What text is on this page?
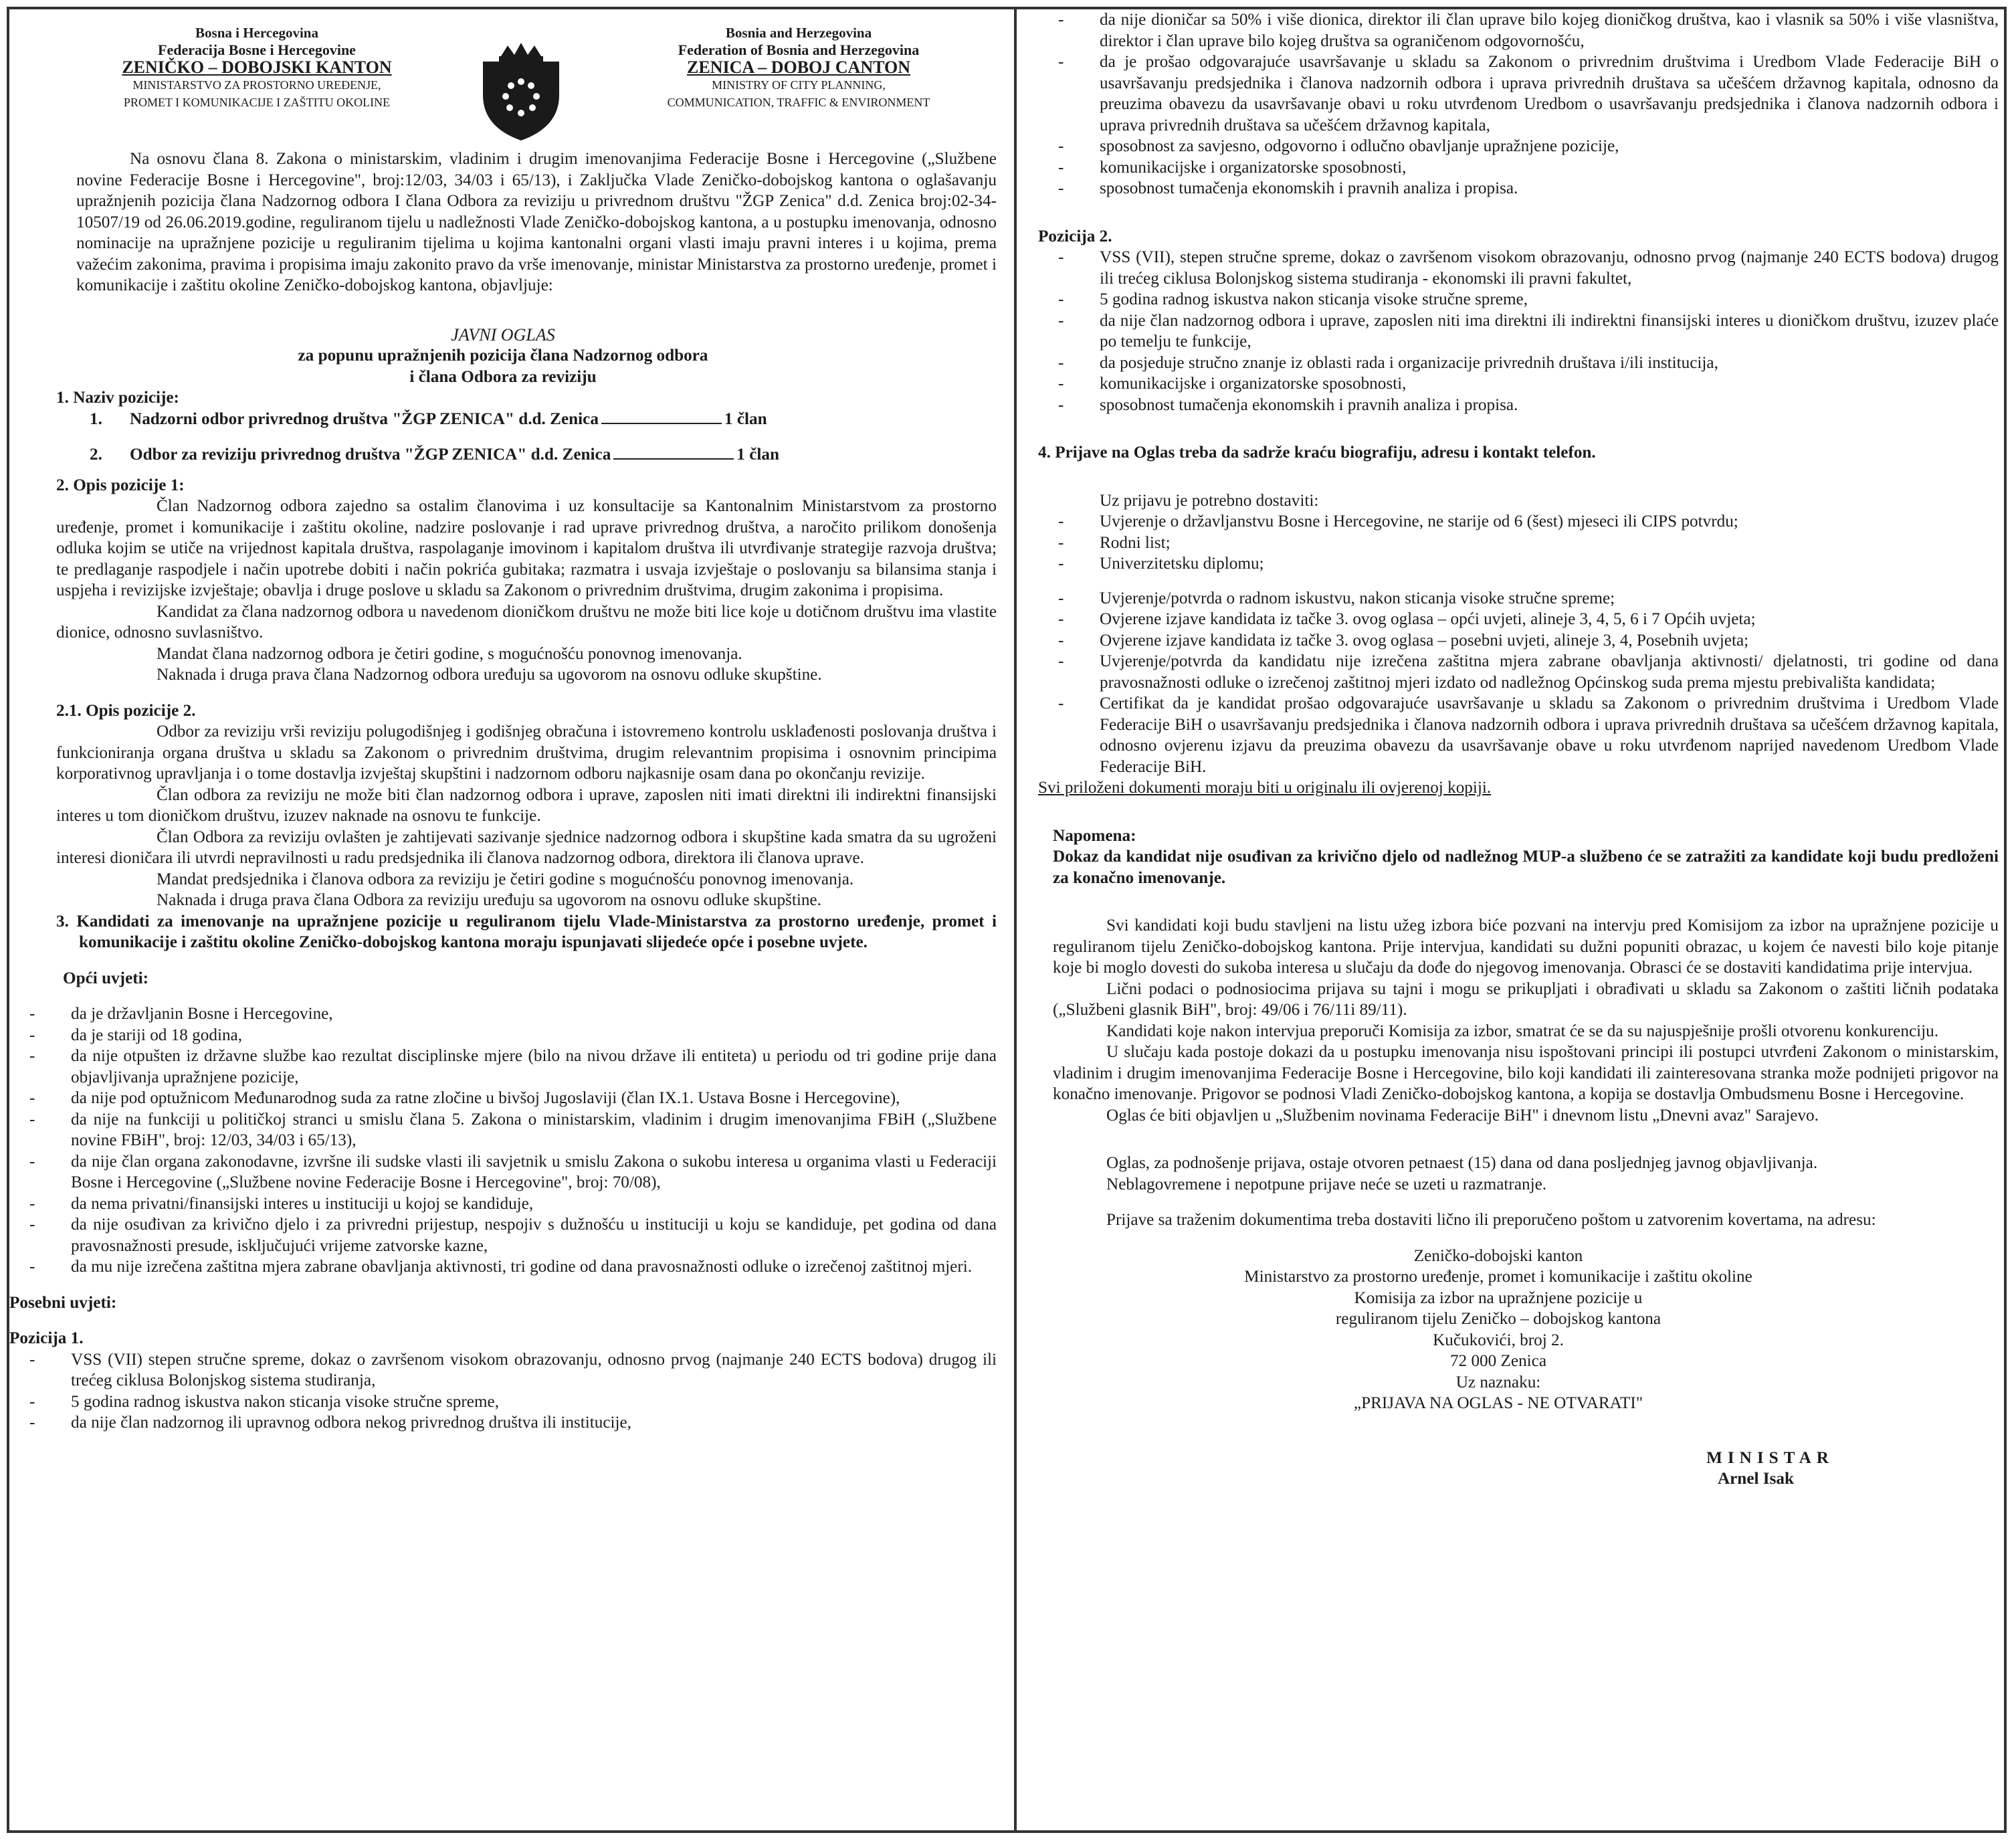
Bosna i Hercegovina
Federacija Bosne i Hercegovine
ZENIČKO – DOBOJSKI KANTON
MINISTARSTVO ZA PROSTORNO UREĐENJE,
PROMET I KOMUNIKACIJE I ZAŠTITU OKOLINE
Bosnia and Herzegovina
Federation of Bosnia and Herzegovina
ZENICA – DOBOJ CANTON
MINISTRY OF CITY PLANNING,
COMMUNICATION, TRAFFIC & ENVIRONMENT

Na osnovu člana 8. Zakona o ministarskim, vladinim i drugim imenovanjima Federacije Bosne i Hercegovine („Službene novine Federacije Bosne i Hercegovine", broj:12/03, 34/03 i 65/13), i Zaključka Vlade Zeničko-dobojskog kantona o oglašavanju upražnjenih pozicija člana Nadzornog odbora I člana Odbora za reviziju u privrednom društvu "ŽGP Zenica" d.d. Zenica broj:02-34-10507/19 od 26.06.2019.godine, reguliranom tijelu u nadležnosti Vlade Zeničko-dobojskog kantona, a u postupku imenovanja, odnosno nominacije na upražnjene pozicije u reguliranim tijelima u kojima kantonalni organi vlasti imaju pravni interes i u kojima, prema važećim zakonima, pravima i propisima imaju zakonito pravo da vrše imenovanje, ministar Ministarstva za prostorno uređenje, promet i komunikacije i zaštitu okoline Zeničko-dobojskog kantona, objavljuje:

JAVNI OGLAS

za popunu upražnjenih pozicija člana Nadzornog odbora

i člana Odbora za reviziju

1. Naziv pozicije:

1.	Nadzorni odbor privrednog društva "ŽGP ZENICA" d.d. Zenica	1 član
2.	Odbor za reviziju privrednog društva "ŽGP ZENICA" d.d. Zenica	1 član

2. Opis pozicije 1:

Član Nadzornog odbora zajedno sa ostalim članovima i uz konsultacije sa Kantonalnim Ministarstvom za prostorno uređenje, promet i komunikacije i zaštitu okoline, nadzire poslovanje i rad uprave privrednog društva, a naročito prilikom donošenja odluka kojim se utiče na vrijednost kapitala društva, raspolaganje imovinom i kapitalom društva ili utvrđivanje strategije razvoja društva; te predlaganje raspodjele i način upotrebe dobiti i način pokrića gubitaka; razmatra i usvaja izvještaje o poslovanju sa bilansima stanja i uspjeha i revizijske izvještaje; obavlja i druge poslove u skladu sa Zakonom o privrednim društvima, drugim zakonima i propisima.

Kandidat za člana nadzornog odbora u navedenom dioničkom društvu ne može biti lice koje u dotičnom društvu ima vlastite dionice, odnosno suvlasništvo.

Mandat člana nadzornog odbora je četiri godine, s mogućnošću ponovnog imenovanja.

Naknada i druga prava člana Nadzornog odbora uređuju sa ugovorom na osnovu odluke skupštine.

2.1. Opis pozicije 2.

Odbor za reviziju vrši reviziju polugodišnjeg i godišnjeg obračuna i istovremeno kontrolu usklađenosti poslovanja društva i funkcioniranja organa društva u skladu sa Zakonom o privrednim društvima, drugim relevantnim propisima i osnovnim principima korporativnog upravljanja i o tome dostavlja izvještaj skupštini i nadzornom odboru najkasnije osam dana po okončanju revizije.

Član odbora za reviziju ne može biti član nadzornog odbora i uprave, zaposlen niti imati direktni ili indirektni finansijski interes u tom dioničkom društvu, izuzev naknade na osnovu te funkcije.

Član Odbora za reviziju ovlašten je zahtijevati sazivanje sjednice nadzornog odbora i skupštine kada smatra da su ugroženi interesi dioničara ili utvrdi nepravilnosti u radu predsjednika ili članova nadzornog odbora, direktora ili članova uprave.

Mandat predsjednika i članova odbora za reviziju je četiri godine s mogućnošću ponovnog imenovanja.

Naknada i druga prava člana Odbora za reviziju uređuju sa ugovorom na osnovu odluke skupštine.

3. Kandidati za imenovanje na upražnjene pozicije u reguliranom tijelu Vlade-Ministarstva za prostorno uređenje, promet i komunikacije i zaštitu okoline Zeničko-dobojskog kantona moraju ispunjavati slijedeće opće i posebne uvjete.

Opći uvjeti:

- da je državljanin Bosne i Hercegovine,
- da je stariji od 18 godina,
- da nije otpušten iz državne službe kao rezultat disciplinske mjere (bilo na nivou države ili entiteta) u periodu od tri godine prije dana objavljivanja upražnjene pozicije,
- da nije pod optužnicom Međunarodnog suda za ratne zločine u bivšoj Jugoslaviji (član IX.1. Ustava Bosne i Hercegovine),
- da nije na funkciji u političkoj stranci u smislu člana 5. Zakona o ministarskim, vladinim i drugim imenovanjima FBiH („Službene novine FBiH", broj: 12/03, 34/03 i 65/13),
- da nije član organa zakonodavne, izvršne ili sudske vlasti ili savjetnik u smislu Zakona o sukobu interesa u organima vlasti u Federaciji Bosne i Hercegovine („Službene novine Federacije Bosne i Hercegovine", broj: 70/08),
- da nema privatni/finansijski interes u instituciji u kojoj se kandiduje,
- da nije osuđivan za krivično djelo i za privredni prijestup, nespojiv s dužnošću u instituciji u koju se kandiduje, pet godina od dana pravosnažnosti presude, isključujući vrijeme zatvorske kazne,
- da mu nije izrečena zaštitna mjera zabrane obavljanja aktivnosti, tri godine od dana pravosnažnosti odluke o izrečenoj zaštitnoj mjeri.

Posebni uvjeti:

Pozicija 1.

- VSS (VII) stepen stručne spreme, dokaz o završenom visokom obrazovanju, odnosno prvog (najmanje 240 ECTS bodova) drugog ili trećeg ciklusa Bolonjskog sistema studiranja,
- 5 godina radnog iskustva nakon sticanja visoke stručne spreme,
- da nije član nadzornog ili upravnog odbora nekog privrednog društva ili institucije,
- da nije dioničar sa 50% i više dionica, direktor ili član uprave bilo kojeg dioničkog društva, kao i vlasnik sa 50% i više vlasništva, direktor i član uprave bilo kojeg društva sa ograničenom odgovornošću,
- da je prošao odgovarajuće usavršavanje u skladu sa Zakonom o privrednim društvima i Uredbom Vlade Federacije BiH o usavršavanju predsjednika i članova nadzornih odbora i uprava privrednih društava sa učešćem državnog kapitala, odnosno da preuzima obavezu da usavršavanje obavi u roku utvrđenom Uredbom o usavršavanju predsjednika i članova nadzornih odbora i uprava privrednih društava sa učešćem državnog kapitala,
- sposobnost za savjesno, odgovorno i odlučno obavljanje upražnjene pozicije,
- komunikacijske i organizatorske sposobnosti,
- sposobnost tumačenja ekonomskih i pravnih analiza i propisa.

Pozicija 2.

- VSS (VII), stepen stručne spreme, dokaz o završenom visokom obrazovanju, odnosno prvog (najmanje 240 ECTS bodova) drugog ili trećeg ciklusa Bolonjskog sistema studiranja - ekonomski ili pravni fakultet,
- 5 godina radnog iskustva nakon sticanja visoke stručne spreme,
- da nije član nadzornog odbora i uprave, zaposlen niti ima direktni ili indirektni finansijski interes u dioničkom društvu, izuzev plaće po temelju te funkcije,
- da posjeduje stručno znanje iz oblasti rada i organizacije privrednih društava i/ili institucija,
- komunikacijske i organizatorske sposobnosti,
- sposobnost tumačenja ekonomskih i pravnih analiza i propisa.

4. Prijave na Oglas treba da sadrže kraću biografiju, adresu i kontakt telefon.

Uz prijavu je potrebno dostaviti:

- Uvjerenje o državljanstvu Bosne i Hercegovine, ne starije od 6 (šest) mjeseci ili CIPS potvrdu;
- Rodni list;
- Univerzitetsku diplomu;
- Uvjerenje/potvrda o radnom iskustvu, nakon sticanja visoke stručne spreme;
- Ovjerene izjave kandidata iz tačke 3. ovog oglasa – opći uvjeti, alineje 3, 4, 5, 6 i 7 Općih uvjeta;
- Ovjerene izjave kandidata iz tačke 3. ovog oglasa – posebni uvjeti, alineje 3, 4, Posebnih uvjeta;
- Uvjerenje/potvrda da kandidatu nije izrečena zaštitna mjera zabrane obavljanja aktivnosti/ djelatnosti, tri godine od dana pravosnažnosti odluke o izrečenoj zaštitnoj mjeri izdato od nadležnog Općinskog suda prema mjestu prebivališta kandidata;
- Certifikat da je kandidat prošao odgovarajuće usavršavanje u skladu sa Zakonom o privrednim društvima i Uredbom Vlade Federacije BiH o usavršavanju predsjednika i članova nadzornih odbora i uprava privrednih društava sa učešćem državnog kapitala, odnosno ovjerenu izjavu da preuzima obavezu da usavršavanje obave u roku utvrđenom naprijed navedenom Uredbom Vlade Federacije BiH.

Svi priloženi dokumenti moraju biti u originalu ili ovjerenoj kopiji.

Napomena:

Dokaz da kandidat nije osuđivan za krivično djelo od nadležnog MUP-a službeno će se zatražiti za kandidate koji budu predloženi za konačno imenovanje.

Svi kandidati koji budu stavljeni na listu užeg izbora biće pozvani na intervju pred Komisijom za izbor na upražnjene pozicije u reguliranom tijelu Zeničko-dobojskog kantona. Prije intervjua, kandidati su dužni popuniti obrazac, u kojem će navesti bilo koje pitanje koje bi moglo dovesti do sukoba interesa u slučaju da dođe do njegovog imenovanja. Obrasci će se dostaviti kandidatima prije intervjua.

Lični podaci o podnosiocima prijava su tajni i mogu se prikupljati i obrađivati u skladu sa Zakonom o zaštiti ličnih podataka („Službeni glasnik BiH", broj: 49/06 i 76/11i 89/11).

Kandidati koje nakon intervjua preporuči Komisija za izbor, smatrat će se da su najuspješnije prošli otvorenu konkurenciju.

U slučaju kada postoje dokazi da u postupku imenovanja nisu ispoštovani principi ili postupci utvrđeni Zakonom o ministarskim, vladinim i drugim imenovanjima Federacije Bosne i Hercegovine, bilo koji kandidati ili zainteresovana stranka može podnijeti prigovor na konačno imenovanje. Prigovor se podnosi Vladi Zeničko-dobojskog kantona, a kopija se dostavlja Ombudsmenu Bosne i Hercegovine.

Oglas će biti objavljen u „Službenim novinama Federacije BiH" i dnevnom listu „Dnevni avaz" Sarajevo.

Oglas, za podnošenje prijava, ostaje otvoren petnaest (15) dana od dana posljednjeg javnog objavljivanja.

Neblagovremene i nepotpune prijave neće se uzeti u razmatranje.

Prijave sa traženim dokumentima treba dostaviti lično ili preporučeno poštom u zatvorenim kovertama, na adresu:

Zeničko-dobojski kanton

Ministarstvo za prostorno uređenje, promet i komunikacije i zaštitu okoline

Komisija za izbor na upražnjene pozicije u

reguliranom tijelu Zeničko – dobojskog kantona

Kučukovići, broj 2.

72 000 Zenica

Uz naznaku:

„PRIJAVA NA OGLAS - NE OTVARATI"

MINISTAR

Arnel Isak
